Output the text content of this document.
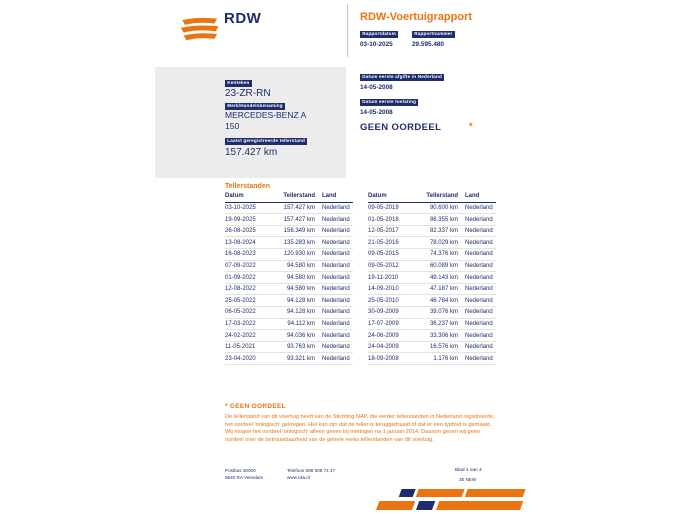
RDW	RDW-Voertuigrapport
Rapportdatum	Rapportnummer
03-10-2025	29.595.480
Kenteken
23-ZR-RN
Merk/Handelsbenaming
MERCEDES-BENZ A
150
Laatst geregistreerde tellerstand
157.427 km
Datum eerste afgifte in Nederland
14-05-2008
Datum eerste toelating
14-05-2008
GEEN OORDEEL	*
Tellerstanden
Datum	Tellerstand	Land
03-10-2025	157.427 km	Nederland
19-09-2025	157.427 km	Nederland
26-08-2025	156.349 km	Nederland
13-08-2024	135.283 km	Nederland
16-08-2023	120.930 km	Nederland
07-09-2022	94.580 km	Nederland
01-09-2022	94.580 km	Nederland
12-08-2022	94.580 km	Nederland
25-05-2022	94.128 km	Nederland
06-05-2022	94.128 km	Nederland
17-03-2022	94.112 km	Nederland
24-02-2022	94.036 km	Nederland
11-05-2021	93.763 km	Nederland
23-04-2020	93.321 km	Nederland
Datum	Tellerstand	Land
09-05-2019	90.600 km	Nederland
01-05-2018	86.355 km	Nederland
12-05-2017	82.337 km	Nederland
21-05-2016	78.029 km	Nederland
09-05-2015	74.376 km	Nederland
09-05-2012	60.089 km	Nederland
19-11-2010	49.143 km	Nederland
14-09-2010	47.187 km	Nederland
25-05-2010	46.784 km	Nederland
30-09-2009	39.076 km	Nederland
17-07-2009	36.237 km	Nederland
24-06-2009	33.306 km	Nederland
24-04-2009	16.576 km	Nederland
18-09-2008	1.176 km	Nederland
* GEEN OORDEEL
De tellerstand van dit voertuig heeft van de Stichting NAP, die eerder tellerstanden in Nederland registreerde, het oordeel 'onlogisch' gekregen. Het kan zijn dat de teller is teruggedraaid of dat er een typfout is gemaakt. Wij mogen het oordeel 'onlogisch' alleen geven bij metingen na 1 januari 2014. Daarom geven wij geen oordeel over de betrouwbaarheid van de gehele reeks tellerstanden van dit voertuig.
Postbus 30000
9640 RA Veendam
Telefoon 088 008 74 47
www.rdw.nl
Blad 1 van 4
3E NEW
